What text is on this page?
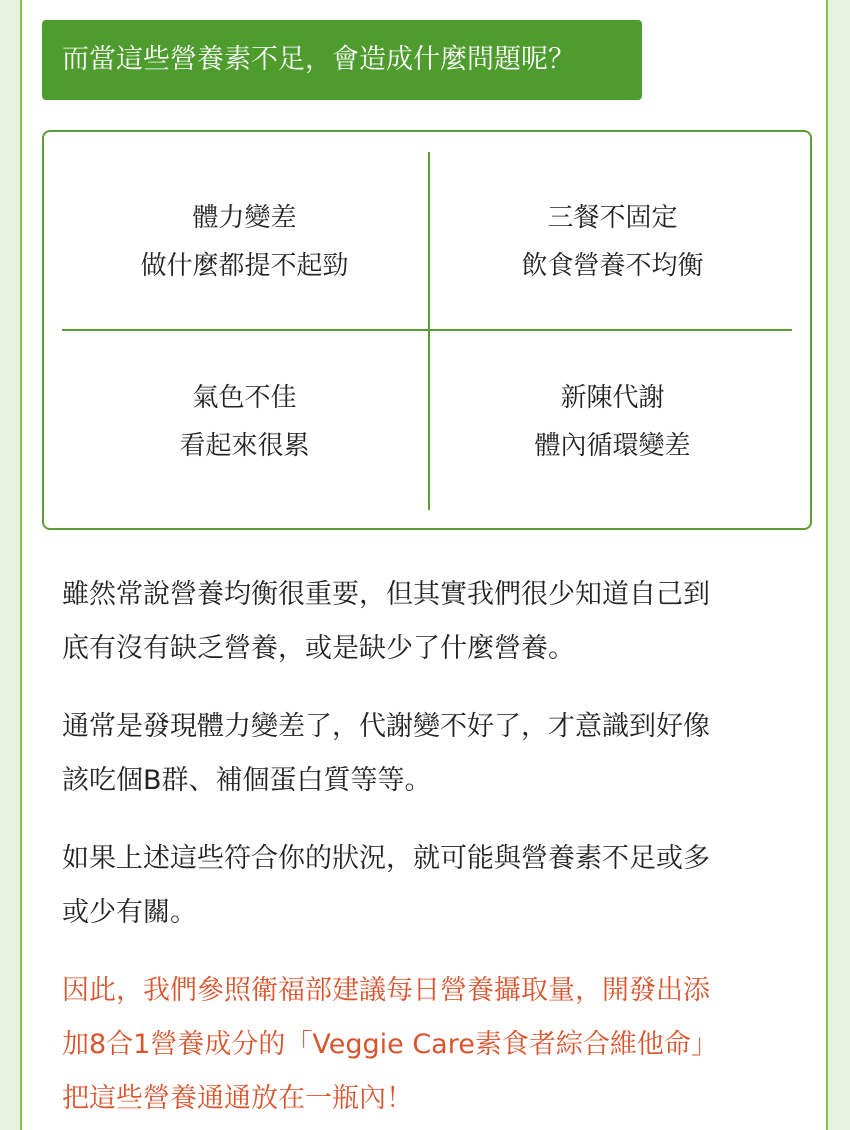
而當這些營養素不足，會造成什麼問題呢？
體力變差
做什麼都提不起勁
三餐不固定
飲食營養不均衡
氣色不佳
看起來很累
新陳代謝
體內循環變差
雖然常說營養均衡很重要，但其實我們很少知道自己到
底有沒有缺乏營養，或是缺少了什麼營養。
通常是發現體力變差了，代謝變不好了，才意識到好像
該吃個B群、補個蛋白質等等。
如果上述這些符合你的狀況，就可能與營養素不足或多
或少有關。
因此，我們參照衛福部建議每日營養攝取量，開發出添
加8合1營養成分的「Veggie Care素食者綜合維他命」
把這些營養通通放在一瓶內！
